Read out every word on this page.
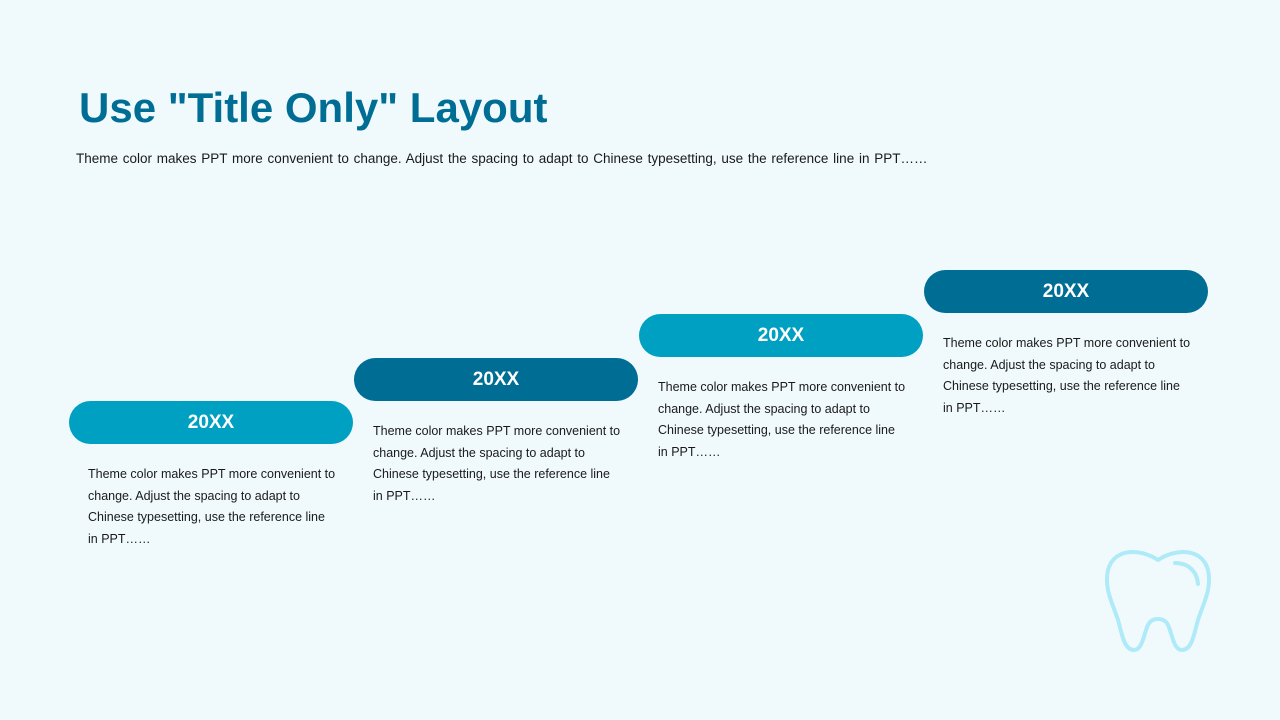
Use "Title Only" Layout
Theme color makes PPT more convenient to change. Adjust the spacing to adapt to Chinese typesetting, use the reference line in PPT……
20XX
Theme color makes PPT more convenient to change. Adjust the spacing to adapt to Chinese typesetting, use the reference line in PPT……
20XX
Theme color makes PPT more convenient to change. Adjust the spacing to adapt to Chinese typesetting, use the reference line in PPT……
20XX
Theme color makes PPT more convenient to change. Adjust the spacing to adapt to Chinese typesetting, use the reference line in PPT……
20XX
Theme color makes PPT more convenient to change. Adjust the spacing to adapt to Chinese typesetting, use the reference line in PPT……
